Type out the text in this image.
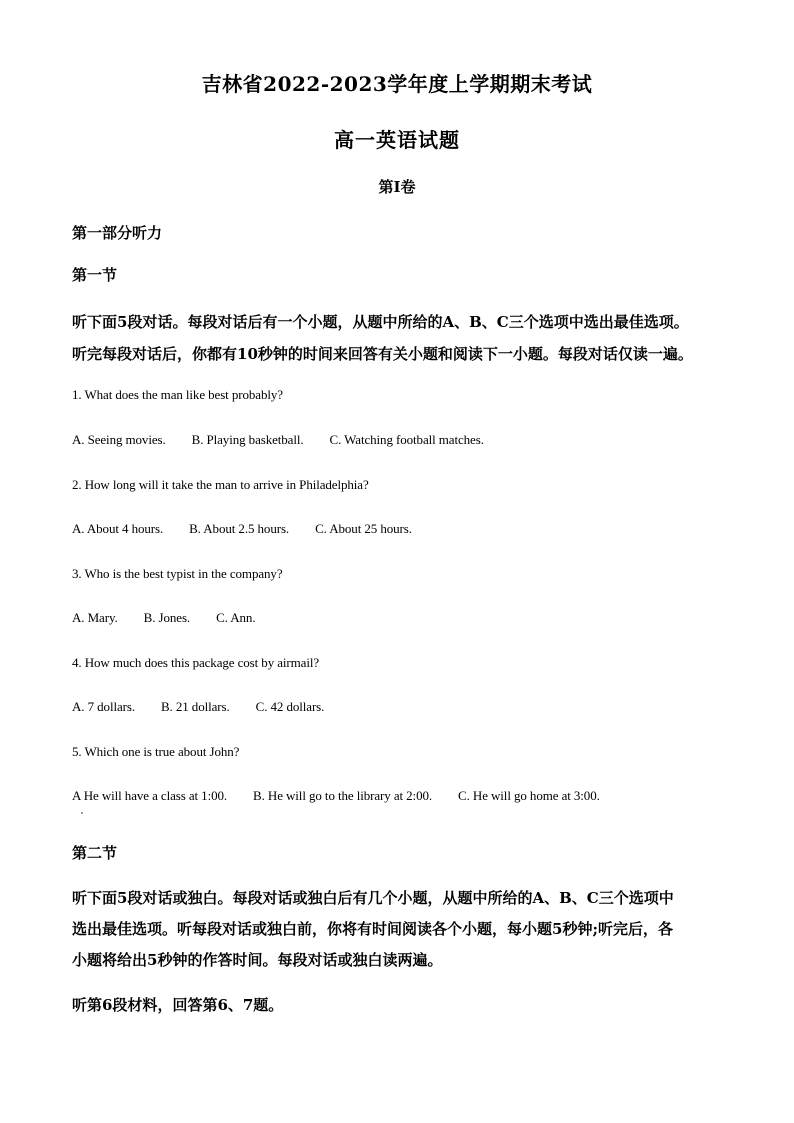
吉林省2022-2023学年度上学期期末考试
高一英语试题
第I卷
第一部分听力
第一节
听下面5段对话。每段对话后有一个小题，从题中所给的A、B、C三个选项中选出最佳选项。
听完每段对话后，你都有10秒钟的时间来回答有关小题和阅读下一小题。每段对话仅读一遍。
1. What does the man like best probably?
A. Seeing movies. B. Playing basketball. C. Watching football matches.
2. How long will it take the man to arrive in Philadelphia?
A. About 4 hours. B. About 2.5 hours. C. About 25 hours.
3. Who is the best typist in the company?
A. Mary. B. Jones. C. Ann.
4. How much does this package cost by airmail?
A. 7 dollars. B. 21 dollars. C. 42 dollars.
5. Which one is true about John?
A He will have a class at 1:00. B. He will go to the library at 2:00. C. He will go home at 3:00.
第二节
听下面5段对话或独白。每段对话或独白后有几个小题，从题中所给的A、B、C三个选项中
选出最佳选项。听每段对话或独白前，你将有时间阅读各个小题，每小题5秒钟;听完后，各
小题将给出5秒钟的作答时间。每段对话或独白读两遍。
听第6段材料，回答第6、7题。
